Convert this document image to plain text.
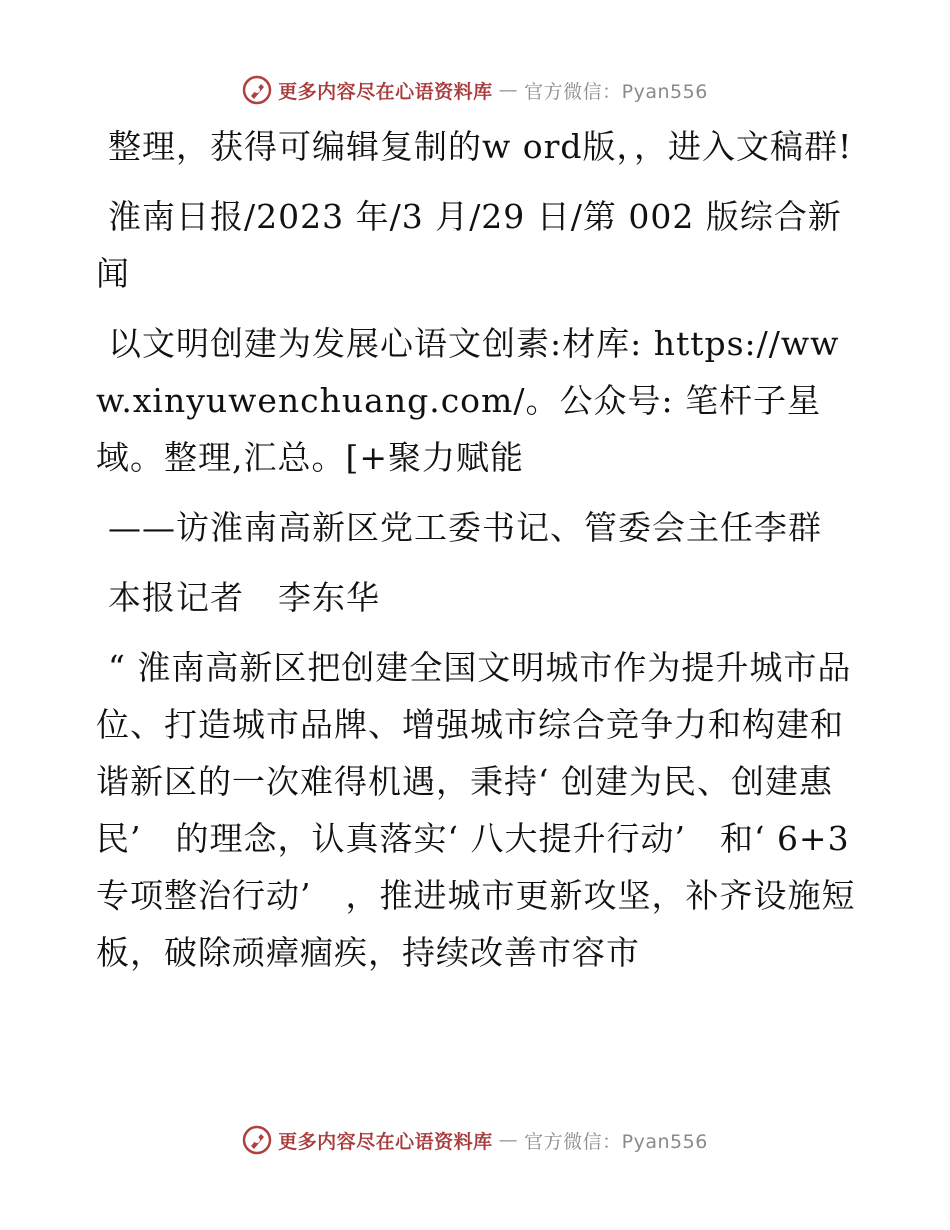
更多内容尽在心语资料库 — 官方微信：Pyan556

整理，获得可编辑复制的w ord版，，进入文稿群!

淮南日报/2023 年/3 月/29 日/第 002 版综合新闻

以文明创建为发展心语文创素:材库: https://www.xinyuwenchuang.com/。公众号: 笔杆子星域。整理,汇总。[+聚力赋能

——访淮南高新区党工委书记、管委会主任李群

本报记者　李东华

“ 淮南高新区把创建全国文明城市作为提升城市品位、打造城市品牌、增强城市综合竞争力和构建和谐新区的一次难得机遇，秉持‘ 创建为民、创建惠民’　的理念，认真落实‘ 八大提升行动’　和‘ 6+3 专项整治行动’　，推进城市更新攻坚，补齐设施短板，破除顽瘴痼疾，持续改善市容市

更多内容尽在心语资料库 — 官方微信：Pyan556
